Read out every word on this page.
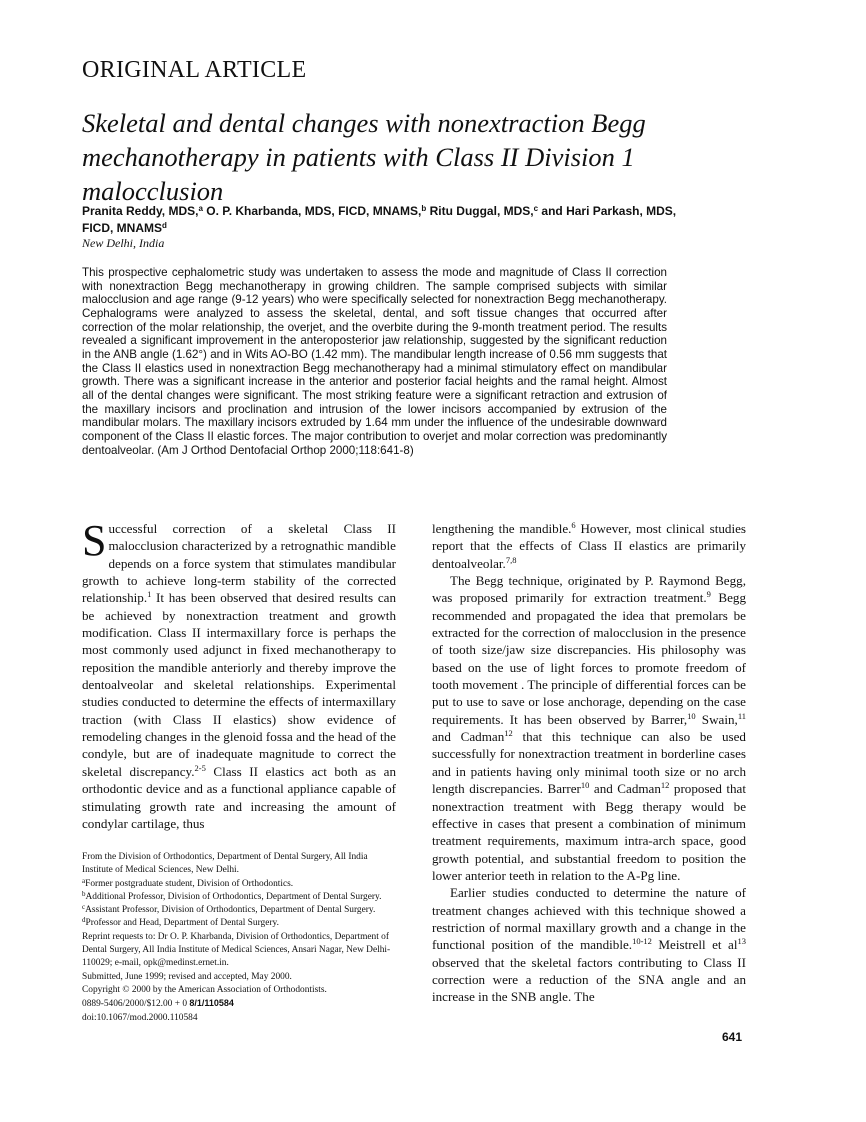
ORIGINAL ARTICLE
Skeletal and dental changes with nonextraction Begg mechanotherapy in patients with Class II Division 1 malocclusion
Pranita Reddy, MDS,$^a$ O. P. Kharbanda, MDS, FICD, MNAMS,$^b$ Ritu Duggal, MDS,$^c$ and Hari Parkash, MDS, FICD, MNAMS$^d$
New Delhi, India
This prospective cephalometric study was undertaken to assess the mode and magnitude of Class II correction with nonextraction Begg mechanotherapy in growing children. The sample comprised subjects with similar malocclusion and age range (9-12 years) who were specifically selected for nonextraction Begg mechanotherapy. Cephalograms were analyzed to assess the skeletal, dental, and soft tissue changes that occurred after correction of the molar relationship, the overjet, and the overbite during the 9-month treatment period. The results revealed a significant improvement in the anteroposterior jaw relationship, suggested by the significant reduction in the ANB angle (1.62°) and in Wits AO-BO (1.42 mm). The mandibular length increase of 0.56 mm suggests that the Class II elastics used in nonextraction Begg mechanotherapy had a minimal stimulatory effect on mandibular growth. There was a significant increase in the anterior and posterior facial heights and the ramal height. Almost all of the dental changes were significant. The most striking feature were a significant retraction and extrusion of the maxillary incisors and proclination and intrusion of the lower incisors accompanied by extrusion of the mandibular molars. The maxillary incisors extruded by 1.64 mm under the influence of the undesirable downward component of the Class II elastic forces. The major contribution to overjet and molar correction was predominantly dentoalveolar. (Am J Orthod Dentofacial Orthop 2000;118:641-8)
S uccessful correction of a skeletal Class II malocclusion characterized by a retrognathic mandible depends on a force system that stimulates mandibular growth to achieve long-term stability of the corrected relationship.$^1$ It has been observed that desired results can be achieved by nonextraction treatment and growth modification. Class II intermaxillary force is perhaps the most commonly used adjunct in fixed mechanotherapy to reposition the mandible anteriorly and thereby improve the dentoalveolar and skeletal relationships. Experimental studies conducted to determine the effects of intermaxillary traction (with Class II elastics) show evidence of remodeling changes in the glenoid fossa and the head of the condyle, but are of inadequate magnitude to correct the skeletal discrepancy.$^{2-5}$ Class II elastics act both as an orthodontic device and as a functional appliance capable of stimulating growth rate and increasing the amount of condylar cartilage, thus

lengthening the mandible.$^6$ However, most clinical studies report that the effects of Class II elastics are primarily dentoalveolar.$^{7,8}$

The Begg technique, originated by P. Raymond Begg, was proposed primarily for extraction treatment.$^9$ Begg recommended and propagated the idea that premolars be extracted for the correction of malocclusion in the presence of tooth size/jaw size discrepancies. His philosophy was based on the use of light forces to promote freedom of tooth movement . The principle of differential forces can be put to use to save or lose anchorage, depending on the case requirements. It has been observed by Barrer,$^{10}$ Swain,$^{11}$ and Cadman$^{12}$ that this technique can also be used successfully for nonextraction treatment in borderline cases and in patients having only minimal tooth size or no arch length discrepancies. Barrer$^{10}$ and Cadman$^{12}$ proposed that nonextraction treatment with Begg therapy would be effective in cases that present a combination of minimum treatment requirements, maximum intra-arch space, good growth potential, and substantial freedom to position the lower anterior teeth in relation to the A-Pg line.

Earlier studies conducted to determine the nature of treatment changes achieved with this technique showed a restriction of normal maxillary growth and a change in the functional position of the mandible.$^{10-12}$ Meistrell et $al^{13}$ observed that the skeletal factors contributing to Class II correction were a reduction of the SNA angle and an increase in the SNB angle. The

From the Division of Orthodontics, Department of Dental Surgery, All India Institute of Medical Sciences, New Delhi.
$^a$Former postgraduate student, Division of Orthodontics.
$^b$Additional Professor, Division of Orthodontics, Department of Dental Surgery.
$^c$Assistant Professor, Division of Orthodontics, Department of Dental Surgery.
$^d$Professor and Head, Department of Dental Surgery.
Reprint requests to: Dr O. P. Kharbanda, Division of Orthodontics, Department of Dental Surgery, All India Institute of Medical Sciences, Ansari Nagar, New Delhi-110029; e-mail, opk@medinst.ernet.in.
Submitted, June 1999; revised and accepted, May 2000.
Copyright © 2000 by the American Association of Orthodontists.
0889-5406/2000/$12.00 + 0 8/1/110584
doi:10.1067/mod.2000.110584
641
